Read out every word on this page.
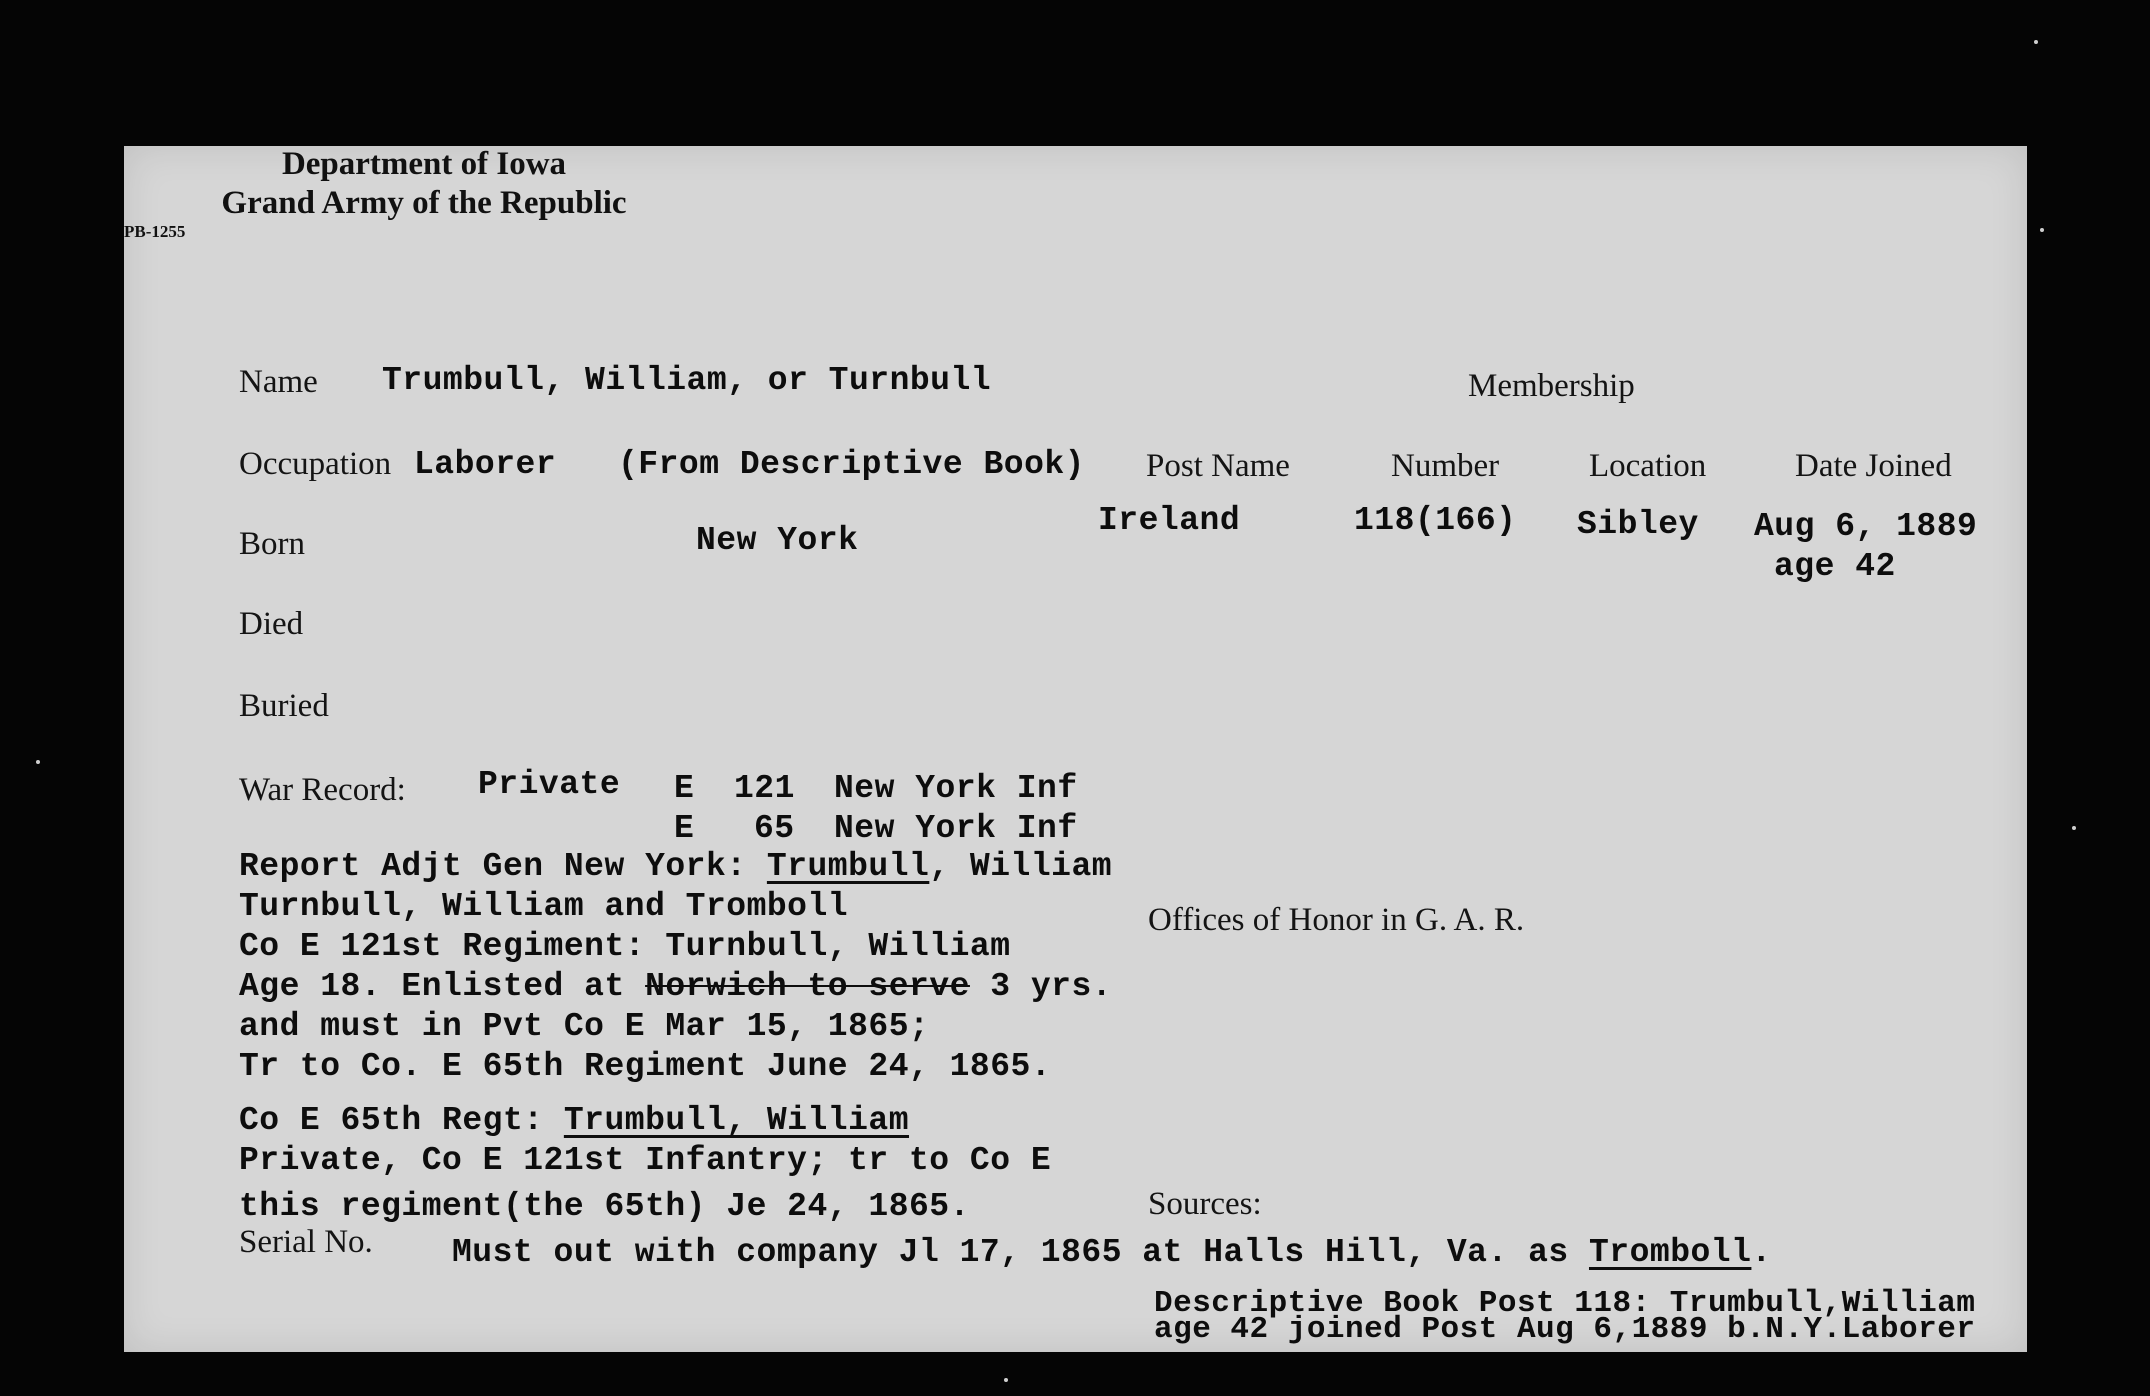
Department of Iowa
Grand Army of the Republic
Name Trumbull, William, or Turnbull	Membership
Occupation Laborer (From Descriptive Book) Post Name	Number	Location	Date Joined
Ireland	118(166) Sibley Aug 6, 1889
age 42
Born	New York
Died
Buried
War Record: Private E 121 New York Inf
E 65 New York Inf
Report Adjt Gen New York: Trumbull, William
Turnbull, William and Tromboll
Co E 121st Regiment: Turnbull, William
Age 18. Enlisted at Norwich to serve 3 yrs.
and must in Pvt Co E Mar 15, 1865;
Tr to Co. E 65th Regiment June 24, 1865.
Co E 65th Regt: Trumbull, William
Private, Co E 121st Infantry; tr to Co E
this regiment(the 65th) Je 24, 1865.
Offices of Honor in G. A. R.
Sources:
Serial No. Must out with company Jl 17, 1865 at Halls Hill, Va. as Tromboll.
PB-1255
Descriptive Book Post 118: Trumbull,William
age 42 joined Post Aug 6,1889 b.N.Y.Laborer
